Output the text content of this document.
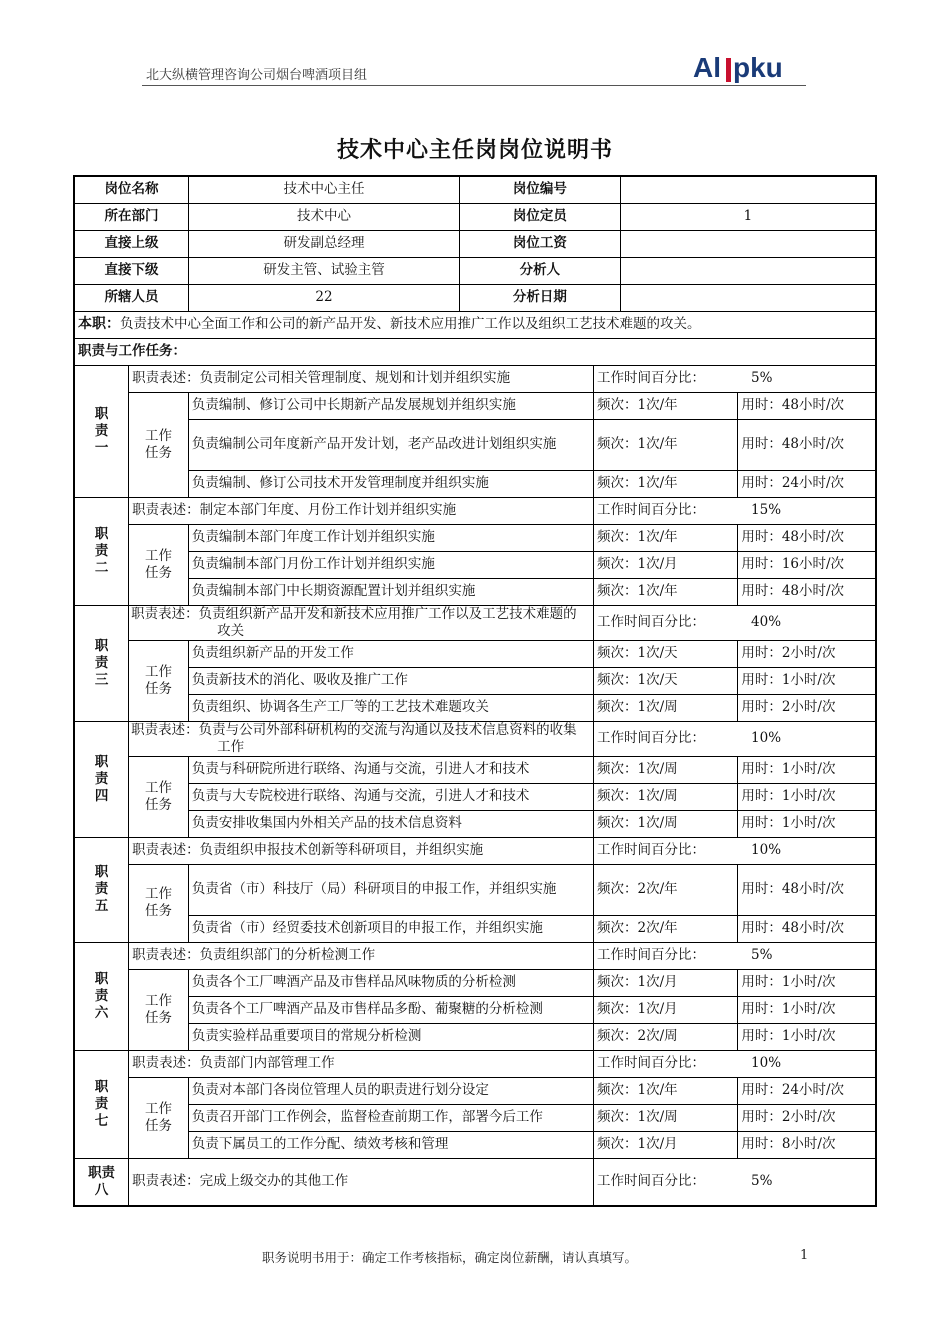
北大纵横管理咨询公司烟台啤酒项目组	Al pku
技术中心主任岗岗位说明书
岗位名称		技术中心主任	岗位编号			
所在部门		技术中心	岗位定员		1	
直接上级		研发副总经理	岗位工资			
直接下级		研发主管、试验主管	分析人			
所辖人员		22	分析日期			
本职：负责技术中心全面工作和公司的新产品开发、新技术应用推广工作以及组织工艺技术难题的攻关。						
职责与工作任务：						

职
责
一	职责表述：负责制定公司相关管理制度、规划和计划并组织实施			工作时间百分比： 5%		

	工作
任务	负责编制、修订公司中长期新产品发展规划并组织实施		频次：1次/年		用时：48小时/次
		负责编制公司年度新产品开发计划，老产品改进计划组织实施		频次：1次/年		用时：48小时/次
		负责编制、修订公司技术开发管理制度并组织实施		频次：1次/年		用时：24小时/次

职
责
二	职责表述：制定本部门年度、月份工作计划并组织实施			工作时间百分比： 15%		

	工作
任务	负责编制本部门年度工作计划并组织实施		频次：1次/年		用时：48小时/次
		负责编制本部门月份工作计划并组织实施		频次：1次/月		用时：16小时/次
		负责编制本部门中长期资源配置计划并组织实施		频次：1次/年		用时：48小时/次

职
责
三	职责表述：负责组织新产品开发和新技术应用推广工作以及工艺技术难题的攻关			工作时间百分比： 40%		

	工作
任务	负责组织新产品的开发工作		频次：1次/天		用时：2小时/次
		负责新技术的消化、吸收及推广工作		频次：1次/天		用时：1小时/次
		负责组织、协调各生产工厂等的工艺技术难题攻关		频次：1次/周		用时：2小时/次

职
责
四	职责表述：负责与公司外部科研机构的交流与沟通以及技术信息资料的收集工作			工作时间百分比： 10%		

	工作
任务	负责与科研院所进行联络、沟通与交流，引进人才和技术		频次：1次/周		用时：1小时/次
		负责与大专院校进行联络、沟通与交流，引进人才和技术		频次：1次/周		用时：1小时/次
		负责安排收集国内外相关产品的技术信息资料		频次：1次/周		用时：1小时/次

职
责
五	职责表述：负责组织申报技术创新等科研项目，并组织实施			工作时间百分比： 10%		

	工作
任务	负责省（市）科技厅（局）科研项目的申报工作，并组织实施		频次：2次/年		用时：48小时/次
		负责省（市）经贸委技术创新项目的申报工作，并组织实施		频次：2次/年		用时：48小时/次

职
责
六	职责表述：负责组织部门的分析检测工作			工作时间百分比： 5%		

	工作
任务	负责各个工厂啤酒产品及市售样品风味物质的分析检测		频次：1次/月		用时：1小时/次
		负责各个工厂啤酒产品及市售样品多酚、葡聚糖的分析检测		频次：1次/月		用时：1小时/次
		负责实验样品重要项目的常规分析检测		频次：2次/周		用时：1小时/次

职
责
七	职责表述：负责部门内部管理工作			工作时间百分比： 10%		

	工作
任务	负责对本部门各岗位管理人员的职责进行划分设定		频次：1次/年		用时：24小时/次
		负责召开部门工作例会，监督检查前期工作，部署今后工作		频次：1次/周		用时：2小时/次
		负责下属员工的工作分配、绩效考核和管理		频次：1次/月		用时：8小时/次

职责
八	职责表述：完成上级交办的其他工作			工作时间百分比： 5%		
职务说明书用于：确定工作考核指标，确定岗位薪酬，请认真填写。	1
